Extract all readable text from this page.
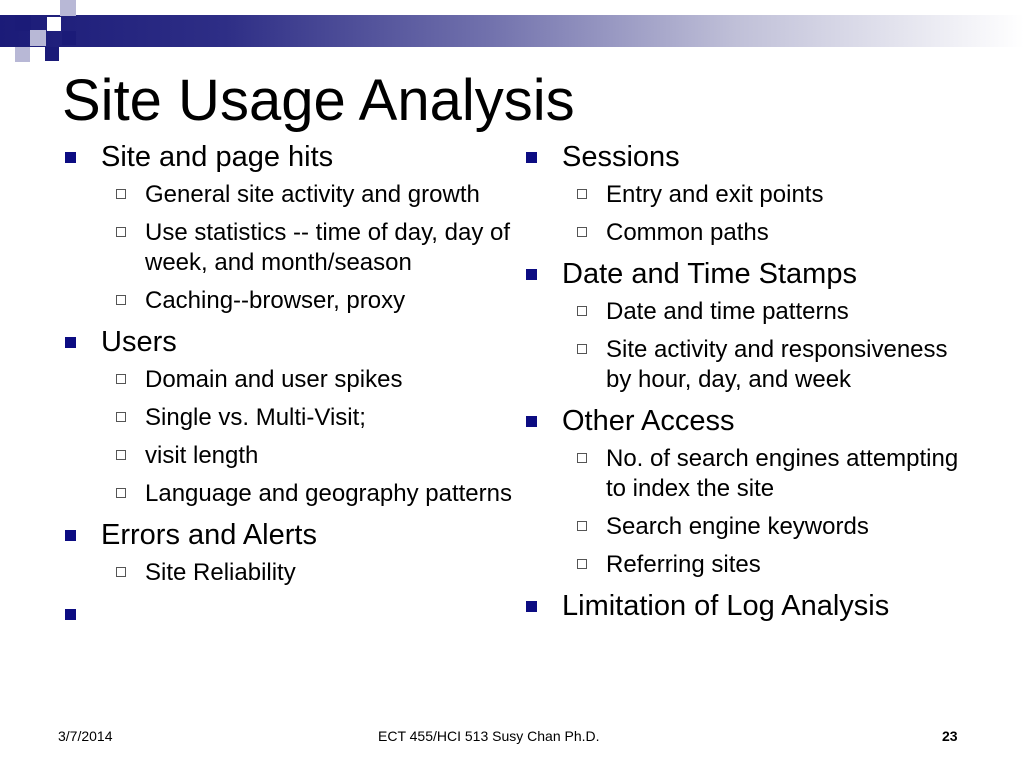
Site Usage Analysis
Site and page hits
General site activity and growth
Use statistics -- time of day, day of week, and month/season
Caching--browser, proxy
Users
Domain and user spikes
Single vs. Multi-Visit;
visit length
Language and geography patterns
Errors and Alerts
Site Reliability
Sessions
Entry and exit points
Common paths
Date and Time Stamps
Date and time patterns
Site activity and responsiveness by hour, day, and week
Other Access
No. of search engines attempting to index the site
Search engine keywords
Referring sites
Limitation of Log Analysis
3/7/2014	ECT 455/HCI 513 Susy Chan Ph.D.	23
